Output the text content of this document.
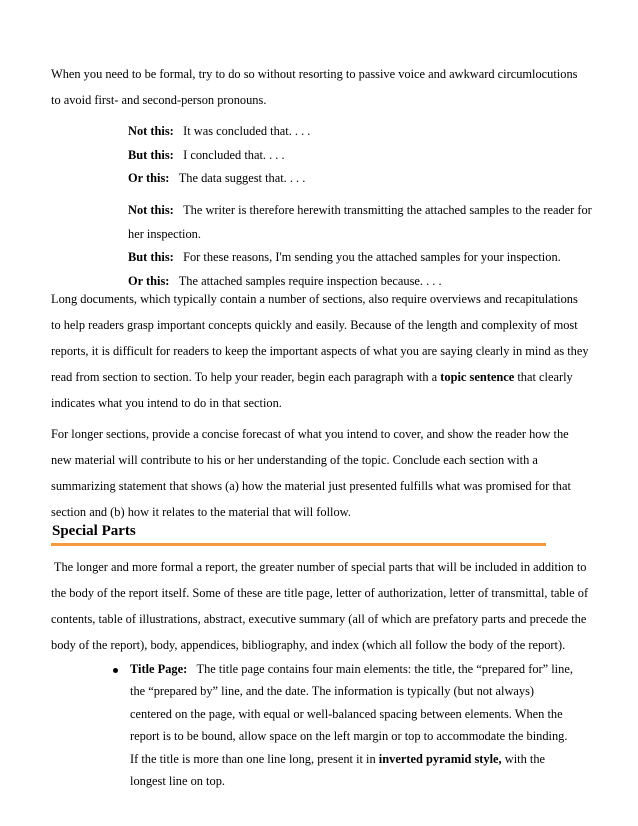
When you need to be formal, try to do so without resorting to passive voice and awkward circumlocutions
to avoid first- and second-person pronouns.

Not this: It was concluded that. . . .
But this: I concluded that. . . .
Or this: The data suggest that. . . .

Not this: The writer is therefore herewith transmitting the attached samples to the reader for
her inspection.
But this: For these reasons, I'm sending you the attached samples for your inspection.
Or this: The attached samples require inspection because. . . .

Long documents, which typically contain a number of sections, also require overviews and recapitulations
to help readers grasp important concepts quickly and easily. Because of the length and complexity of most
reports, it is difficult for readers to keep the important aspects of what you are saying clearly in mind as they
read from section to section. To help your reader, begin each paragraph with a topic sentence that clearly
indicates what you intend to do in that section.

For longer sections, provide a concise forecast of what you intend to cover, and show the reader how the
new material will contribute to his or her understanding of the topic. Conclude each section with a
summarizing statement that shows (a) how the material just presented fulfills what was promised for that
section and (b) how it relates to the material that will follow.

Special Parts

The longer and more formal a report, the greater number of special parts that will be included in addition to
the body of the report itself. Some of these are title page, letter of authorization, letter of transmittal, table of
contents, table of illustrations, abstract, executive summary (all of which are prefatory parts and precede the
body of the report), body, appendices, bibliography, and index (which all follow the body of the report).

Title Page: The title page contains four main elements: the title, the “prepared for” line,
the “prepared by” line, and the date. The information is typically (but not always)
centered on the page, with equal or well-balanced spacing between elements. When the
report is to be bound, allow space on the left margin or top to accommodate the binding.
If the title is more than one line long, present it in inverted pyramid style, with the
longest line on top.
